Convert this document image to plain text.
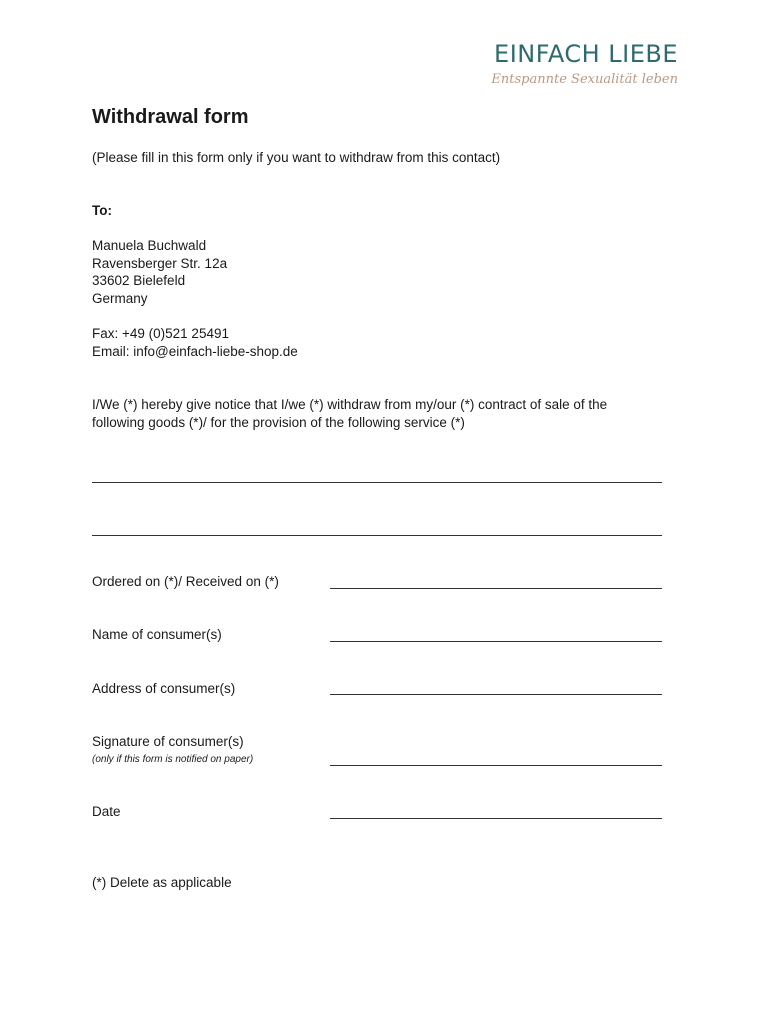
EINFACH LIEBE
Entspannte Sexualität leben
Withdrawal form
(Please fill in this form only if you want to withdraw from this contact)
To:
Manuela Buchwald
Ravensberger Str. 12a
33602 Bielefeld
Germany
Fax: +49 (0)521 25491
Email: info@einfach-liebe-shop.de
I/We (*) hereby give notice that I/we (*) withdraw from my/our (*) contract of sale of the following goods (*)/ for the provision of the following service (*)
Ordered on (*)/ Received on (*)
Name of consumer(s)
Address of consumer(s)
Signature of consumer(s)
(only if this form is notified on paper)
Date
(*) Delete as applicable
